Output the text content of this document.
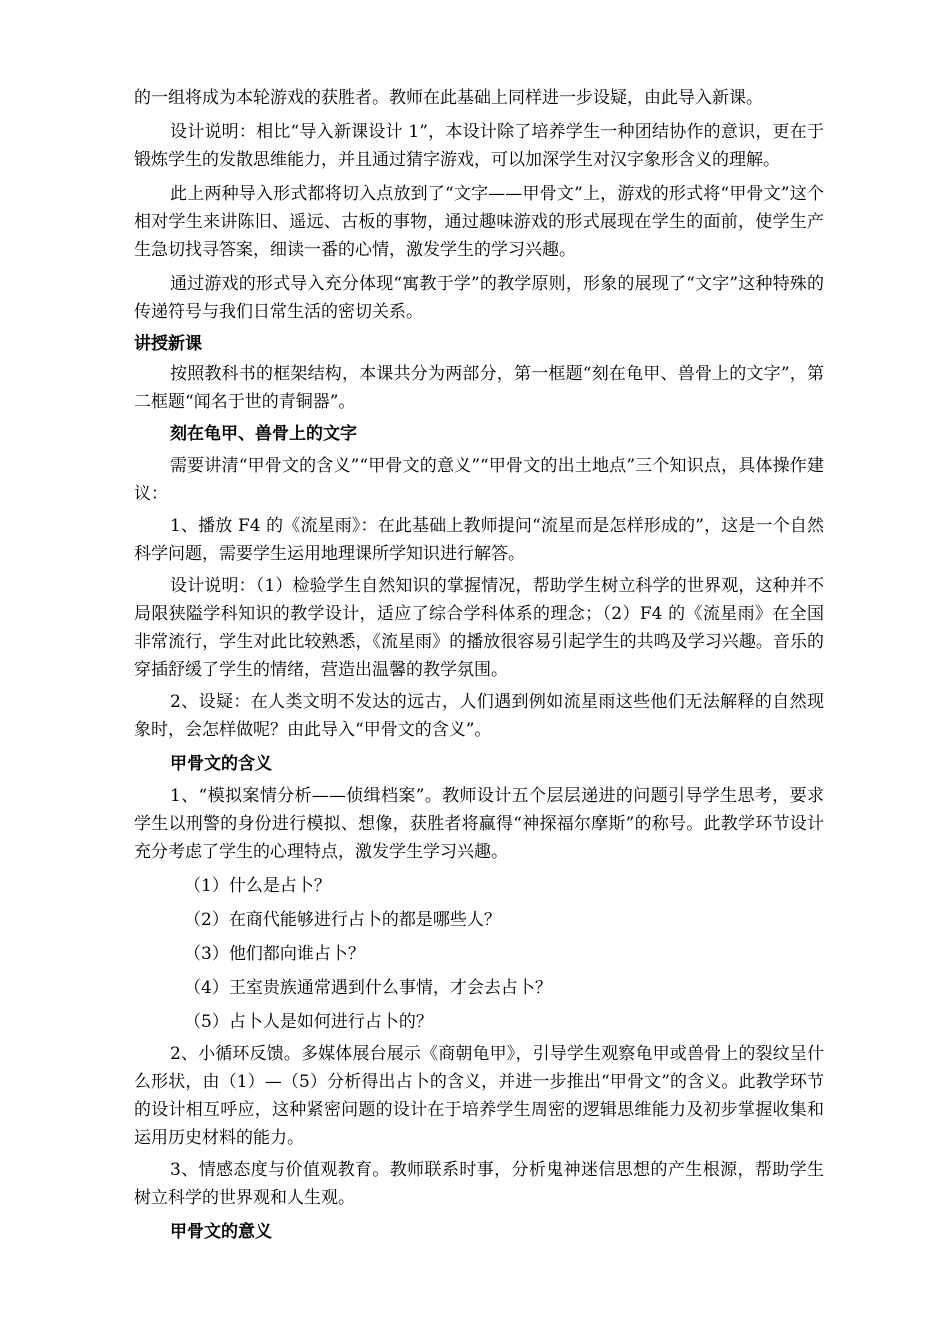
的一组将成为本轮游戏的获胜者。教师在此基础上同样进一步设疑，由此导入新课。

设计说明：相比“导入新课设计 1”，本设计除了培养学生一种团结协作的意识，更在于锻炼学生的发散思维能力，并且通过猜字游戏，可以加深学生对汉字象形含义的理解。

此上两种导入形式都将切入点放到了“文字——甲骨文”上，游戏的形式将“甲骨文”这个相对学生来讲陈旧、遥远、古板的事物，通过趣味游戏的形式展现在学生的面前，使学生产生急切找寻答案，细读一番的心情，激发学生的学习兴趣。

通过游戏的形式导入充分体现“寓教于学”的教学原则，形象的展现了“文字”这种特殊的传递符号与我们日常生活的密切关系。

讲授新课

按照教科书的框架结构，本课共分为两部分，第一框题“刻在龟甲、兽骨上的文字”，第二框题“闻名于世的青铜器”。

刻在龟甲、兽骨上的文字

需要讲清“甲骨文的含义”“甲骨文的意义”“甲骨文的出土地点”三个知识点，具体操作建议：

1、播放 F4 的《流星雨》：在此基础上教师提问“流星而是怎样形成的”，这是一个自然科学问题，需要学生运用地理课所学知识进行解答。

设计说明：（1）检验学生自然知识的掌握情况，帮助学生树立科学的世界观，这种并不局限狭隘学科知识的教学设计，适应了综合学科体系的理念；（2）F4 的《流星雨》在全国非常流行，学生对此比较熟悉，《流星雨》的播放很容易引起学生的共鸣及学习兴趣。音乐的穿插舒缓了学生的情绪，营造出温馨的教学氛围。

2、设疑：在人类文明不发达的远古，人们遇到例如流星雨这些他们无法解释的自然现象时，会怎样做呢？由此导入“甲骨文的含义”。

甲骨文的含义

1、“模拟案情分析——侦缉档案”。教师设计五个层层递进的问题引导学生思考，要求学生以刑警的身份进行模拟、想像，获胜者将赢得“神探福尔摩斯”的称号。此教学环节设计充分考虑了学生的心理特点，激发学生学习兴趣。

（1）什么是占卜？

（2）在商代能够进行占卜的都是哪些人？

（3）他们都向谁占卜？

（4）王室贵族通常遇到什么事情，才会去占卜？

（5）占卜人是如何进行占卜的？

2、小循环反馈。多媒体展台展示《商朝龟甲》，引导学生观察龟甲或兽骨上的裂纹呈什么形状，由（1）—（5）分析得出占卜的含义，并进一步推出“甲骨文”的含义。此教学环节的设计相互呼应，这种紧密问题的设计在于培养学生周密的逻辑思维能力及初步掌握收集和运用历史材料的能力。

3、情感态度与价值观教育。教师联系时事，分析鬼神迷信思想的产生根源，帮助学生树立科学的世界观和人生观。

甲骨文的意义
